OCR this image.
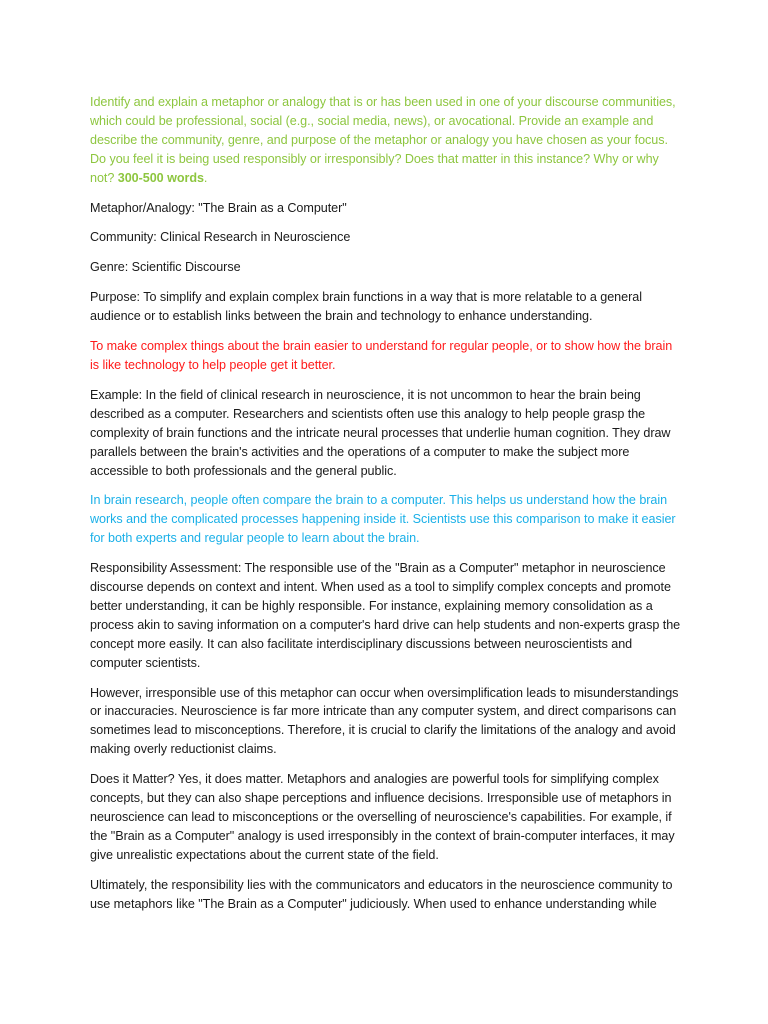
Identify and explain a metaphor or analogy that is or has been used in one of your discourse communities, which could be professional, social (e.g., social media, news), or avocational. Provide an example and describe the community, genre, and purpose of the metaphor or analogy you have chosen as your focus. Do you feel it is being used responsibly or irresponsibly? Does that matter in this instance? Why or why not? 300-500 words.

Metaphor/Analogy: "The Brain as a Computer"

Community: Clinical Research in Neuroscience

Genre: Scientific Discourse

Purpose: To simplify and explain complex brain functions in a way that is more relatable to a general audience or to establish links between the brain and technology to enhance understanding.

To make complex things about the brain easier to understand for regular people, or to show how the brain is like technology to help people get it better.

Example: In the field of clinical research in neuroscience, it is not uncommon to hear the brain being described as a computer. Researchers and scientists often use this analogy to help people grasp the complexity of brain functions and the intricate neural processes that underlie human cognition. They draw parallels between the brain's activities and the operations of a computer to make the subject more accessible to both professionals and the general public.

In brain research, people often compare the brain to a computer. This helps us understand how the brain works and the complicated processes happening inside it. Scientists use this comparison to make it easier for both experts and regular people to learn about the brain.

Responsibility Assessment: The responsible use of the "Brain as a Computer" metaphor in neuroscience discourse depends on context and intent. When used as a tool to simplify complex concepts and promote better understanding, it can be highly responsible. For instance, explaining memory consolidation as a process akin to saving information on a computer's hard drive can help students and non-experts grasp the concept more easily. It can also facilitate interdisciplinary discussions between neuroscientists and computer scientists.

However, irresponsible use of this metaphor can occur when oversimplification leads to misunderstandings or inaccuracies. Neuroscience is far more intricate than any computer system, and direct comparisons can sometimes lead to misconceptions. Therefore, it is crucial to clarify the limitations of the analogy and avoid making overly reductionist claims.

Does it Matter? Yes, it does matter. Metaphors and analogies are powerful tools for simplifying complex concepts, but they can also shape perceptions and influence decisions. Irresponsible use of metaphors in neuroscience can lead to misconceptions or the overselling of neuroscience's capabilities. For example, if the "Brain as a Computer" analogy is used irresponsibly in the context of brain-computer interfaces, it may give unrealistic expectations about the current state of the field.

Ultimately, the responsibility lies with the communicators and educators in the neuroscience community to use metaphors like "The Brain as a Computer" judiciously. When used to enhance understanding while
